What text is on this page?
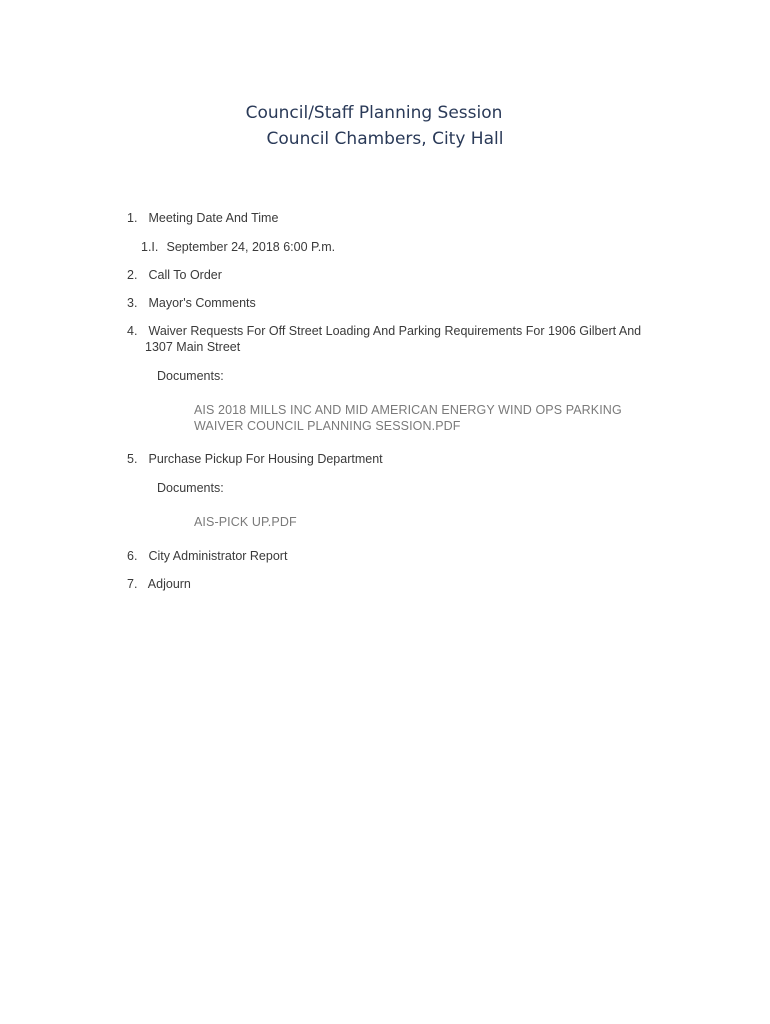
Council/Staff Planning Session
Council Chambers, City Hall
1. Meeting Date And Time
1.I. September 24, 2018 6:00 P.m.
2. Call To Order
3. Mayor's Comments
4. Waiver Requests For Off Street Loading And Parking Requirements For 1906 Gilbert And
1307 Main Street
Documents:
AIS 2018 MILLS INC AND MID AMERICAN ENERGY WIND OPS PARKING
WAIVER COUNCIL PLANNING SESSION.PDF
5. Purchase Pickup For Housing Department
Documents:
AIS-PICK UP.PDF
6. City Administrator Report
7. Adjourn
